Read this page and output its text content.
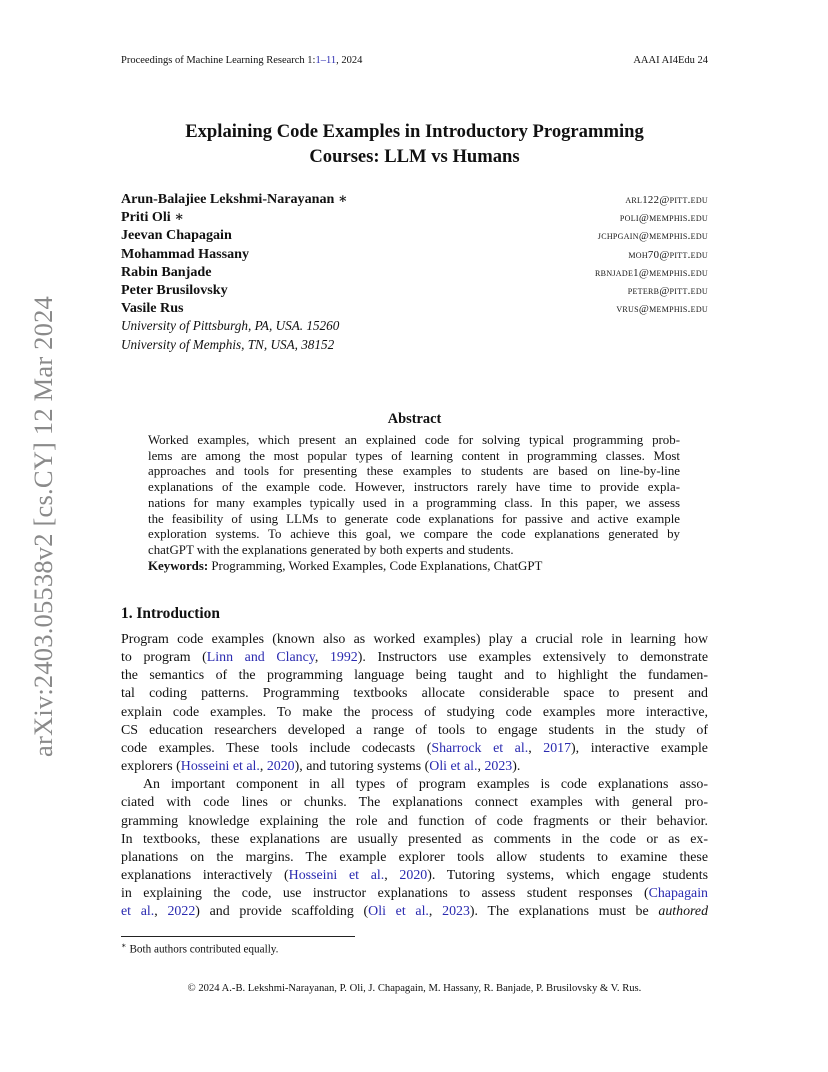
Proceedings of Machine Learning Research 1:1–11, 2024	AAAI AI4Edu 24
arXiv:2403.05538v2 [cs.CY] 12 Mar 2024
Explaining Code Examples in Introductory Programming
Courses: LLM vs Humans
Arun-Balajiee Lekshmi-Narayanan ∗	arl122@pitt.edu
Priti Oli ∗	poli@memphis.edu
Jeevan Chapagain	jchpgain@memphis.edu
Mohammad Hassany	moh70@pitt.edu
Rabin Banjade	rbnjade1@memphis.edu
Peter Brusilovsky	peterb@pitt.edu
Vasile Rus	vrus@memphis.edu
University of Pittsburgh, PA, USA. 15260
University of Memphis, TN, USA, 38152
Abstract
Worked examples, which present an explained code for solving typical programming prob-
lems are among the most popular types of learning content in programming classes. Most
approaches and tools for presenting these examples to students are based on line-by-line
explanations of the example code. However, instructors rarely have time to provide expla-
nations for many examples typically used in a programming class. In this paper, we assess
the feasibility of using LLMs to generate code explanations for passive and active example
exploration systems. To achieve this goal, we compare the code explanations generated by
chatGPT with the explanations generated by both experts and students.
Keywords: Programming, Worked Examples, Code Explanations, ChatGPT
1. Introduction
Program code examples (known also as worked examples) play a crucial role in learning how
to program (Linn and Clancy, 1992). Instructors use examples extensively to demonstrate
the semantics of the programming language being taught and to highlight the fundamen-
tal coding patterns. Programming textbooks allocate considerable space to present and
explain code examples. To make the process of studying code examples more interactive,
CS education researchers developed a range of tools to engage students in the study of
code examples. These tools include codecasts (Sharrock et al., 2017), interactive example
explorers (Hosseini et al., 2020), and tutoring systems (Oli et al., 2023).
An important component in all types of program examples is code explanations asso-
ciated with code lines or chunks. The explanations connect examples with general pro-
gramming knowledge explaining the role and function of code fragments or their behavior.
In textbooks, these explanations are usually presented as comments in the code or as ex-
planations on the margins. The example explorer tools allow students to examine these
explanations interactively (Hosseini et al., 2020). Tutoring systems, which engage students
in explaining the code, use instructor explanations to assess student responses (Chapagain
et al., 2022) and provide scaffolding (Oli et al., 2023). The explanations must be authored
∗ Both authors contributed equally.
© 2024 A.-B. Lekshmi-Narayanan, P. Oli, J. Chapagain, M. Hassany, R. Banjade, P. Brusilovsky & V. Rus.
